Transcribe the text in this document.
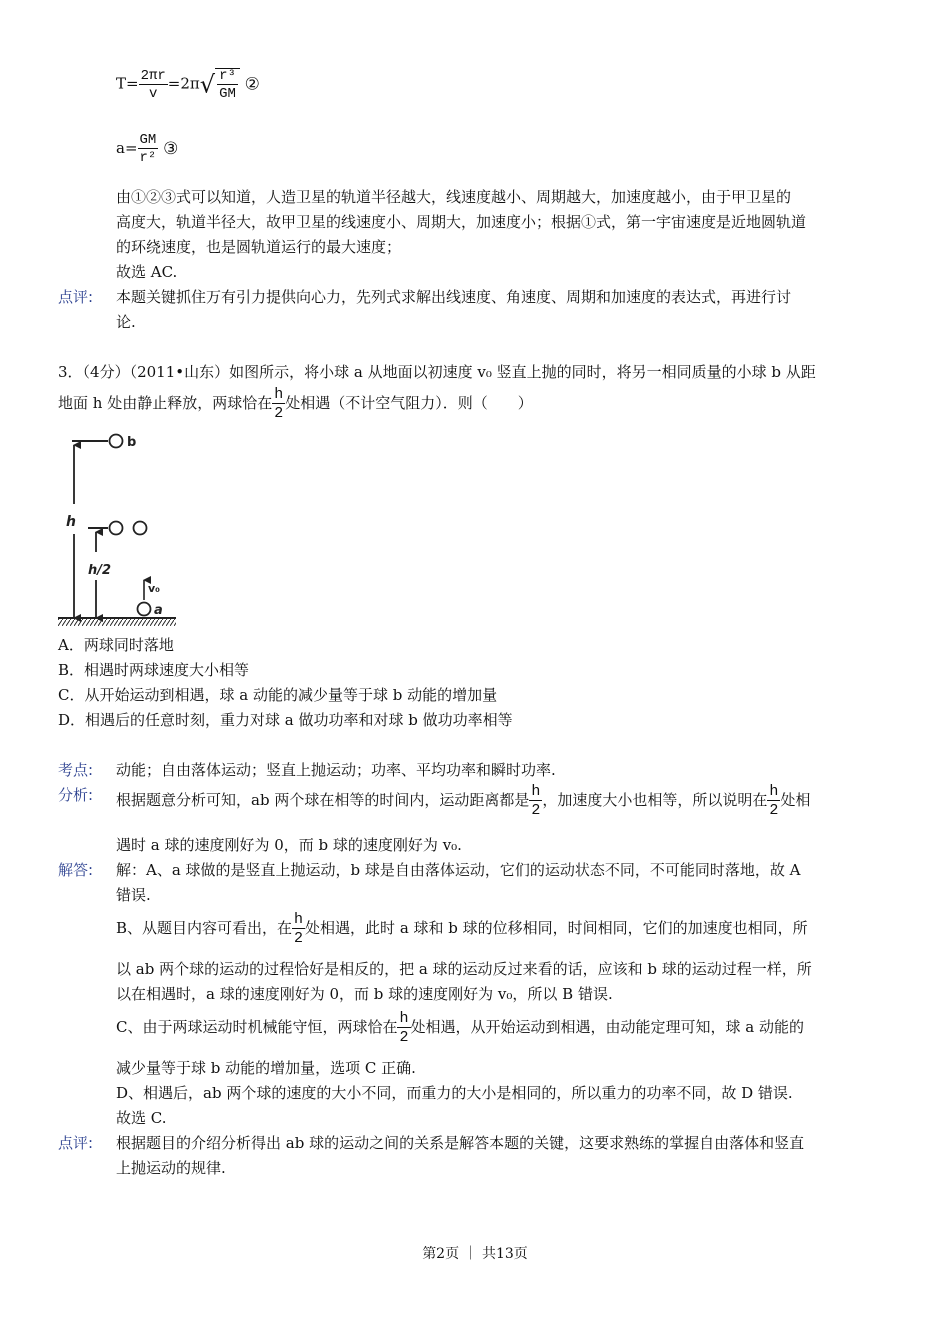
$T= \frac{2\pi r}{v} =2\pi√ \frac{\text{r³}}{GM}$ ②
$a= \frac{GM}{\text{r²}}$ ③
由①②③式可以知道，人造卫星的轨道半径越大，线速度越小、周期越大，加速度越小，由于甲卫星的
高度大，轨道半径大，故甲卫星的线速度小、周期大，加速度小；根据①式，第一宇宙速度是近地圆轨道
的环绕速度，也是圆轨道运行的最大速度；
故选 AC.
点评: 本题关键抓住万有引力提供向心力，先列式求解出线速度、角速度、周期和加速度的表达式，再进行讨
论.
3．（4分）（2011•山东）如图所示，将小球 a 从地面以初速度 v₀ 竖直上抛的同时，将另一相同质量的小球 b 从距
地面 h 处由静止释放，两球恰在 $\frac{h}{2}$ 处相遇（不计空气阻力）．则（　　）
b
h
h/2
v₀
a
A．两球同时落地
B．相遇时两球速度大小相等
C．从开始运动到相遇，球 a 动能的减少量等于球 b 动能的增加量
D．相遇后的任意时刻，重力对球 a 做功功率和对球 b 做功功率相等
考点: 动能；自由落体运动；竖直上抛运动；功率、平均功率和瞬时功率.
分析: 根据题意分析可知，ab 两个球在相等的时间内，运动距离都是 $\frac{h}{2}$ ，加速度大小也相等，所以说明在 $\frac{h}{2}$ 处相
遇时 a 球的速度刚好为 0，而 b 球的速度刚好为 v₀.
解答: 解：A、a 球做的是竖直上抛运动，b 球是自由落体运动，它们的运动状态不同，不可能同时落地，故 A
错误.
B、从题目内容可看出，在 $\frac{h}{2}$ 处相遇，此时 a 球和 b 球的位移相同，时间相同，它们的加速度也相同，所
以 ab 两个球的运动的过程恰好是相反的，把 a 球的运动反过来看的话，应该和 b 球的运动过程一样，所
以在相遇时，a 球的速度刚好为 0，而 b 球的速度刚好为 v₀，所以 B 错误.
C、由于两球运动时机械能守恒，两球恰在 $\frac{h}{2}$ 处相遇，从开始运动到相遇，由动能定理可知，球 a 动能的
减少量等于球 b 动能的增加量，选项 C 正确.
D、相遇后，ab 两个球的速度的大小不同，而重力的大小是相同的，所以重力的功率不同，故 D 错误.
故选 C.
点评: 根据题目的介绍分析得出 ab 球的运动之间的关系是解答本题的关键，这要求熟练的掌握自由落体和竖直
上抛运动的规律.
第2页 ｜ 共13页
